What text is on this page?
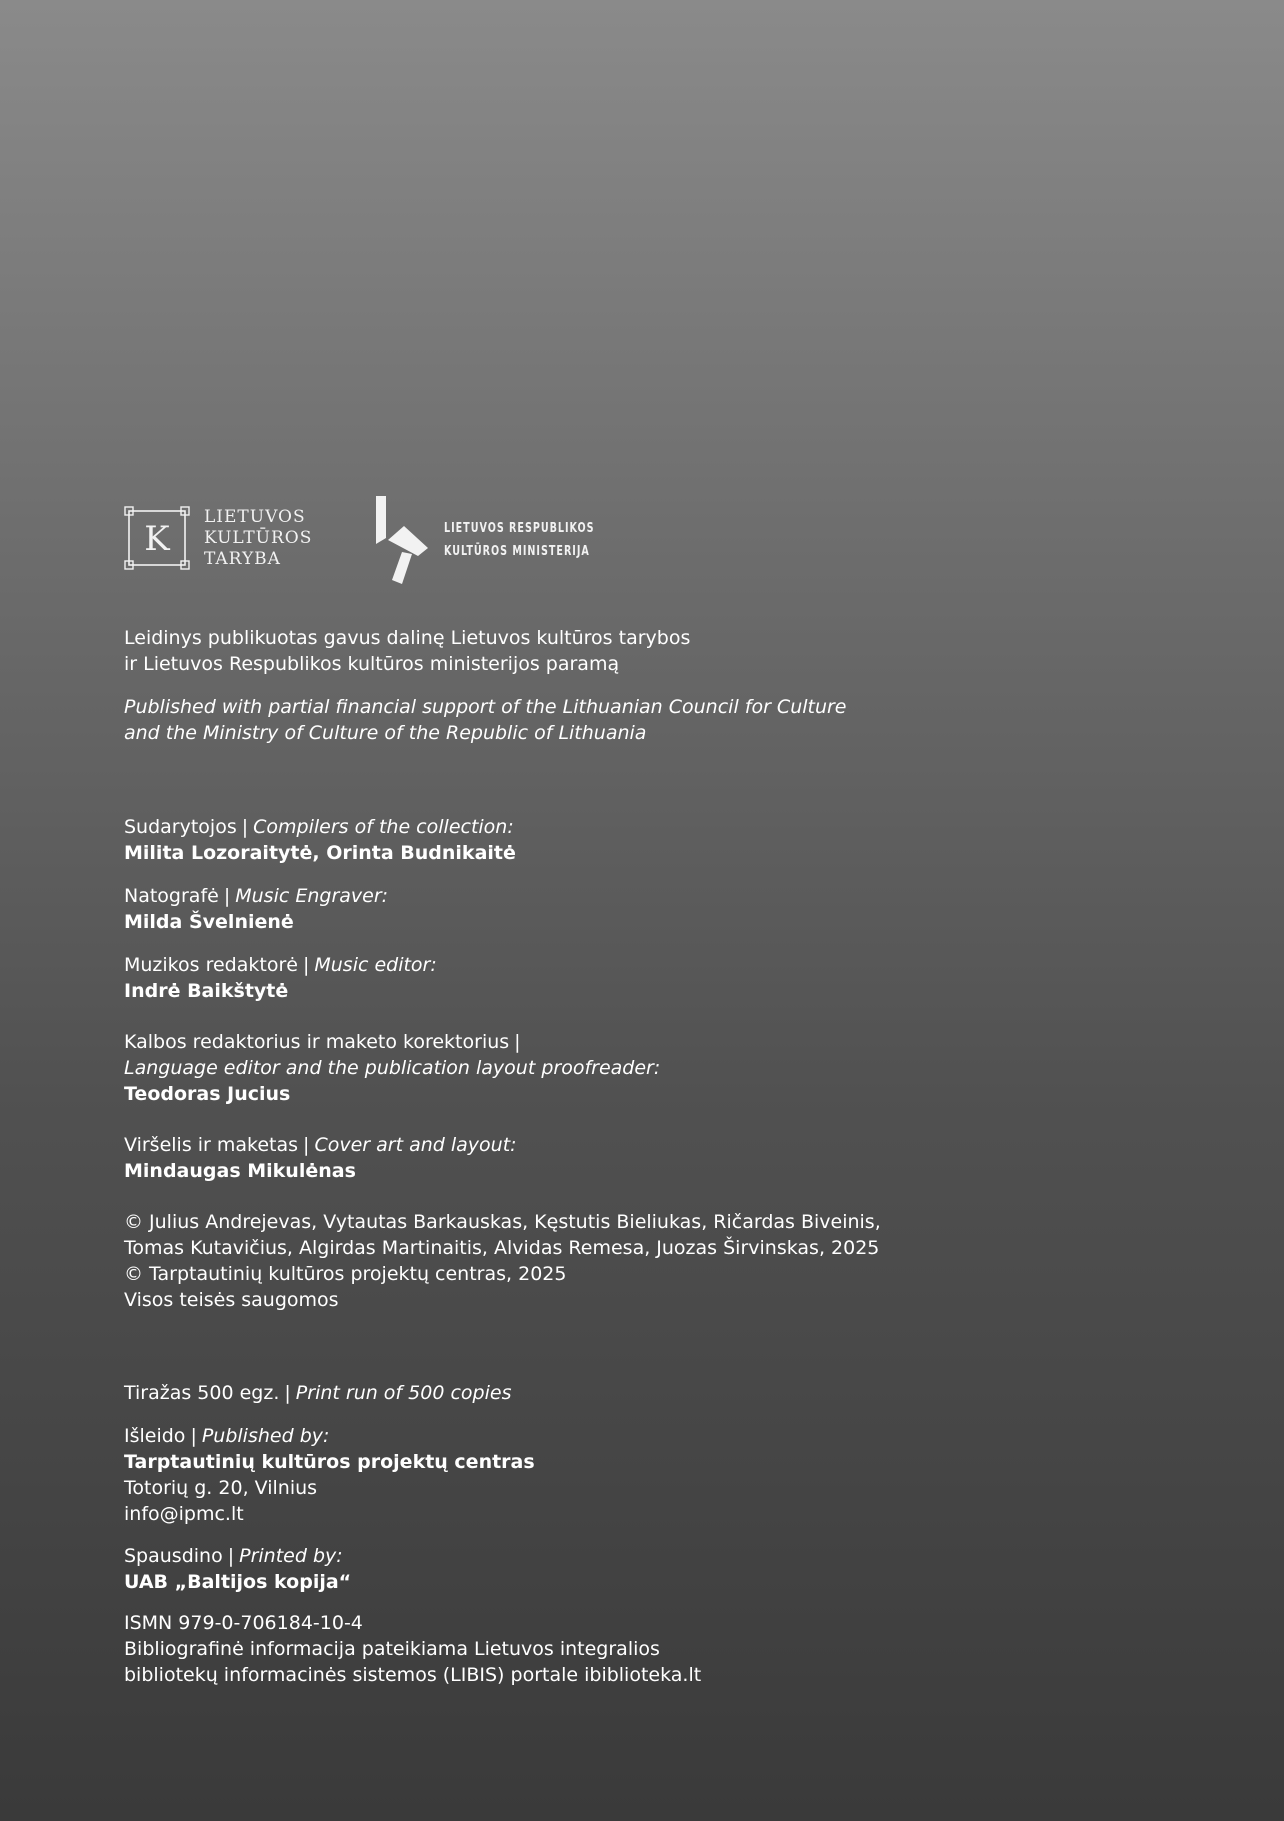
K
LIETUVOS
KULTŪROS
TARYBA
LIETUVOS RESPUBLIKOS
KULTŪROS MINISTERIJA
Leidinys publikuotas gavus dalinę Lietuvos kultūros tarybos
ir Lietuvos Respublikos kultūros ministerijos paramą
Published with partial financial support of the Lithuanian Council for Culture
and the Ministry of Culture of the Republic of Lithuania
Sudarytojos | Compilers of the collection:
Milita Lozoraitytė, Orinta Budnikaitė
Natografė | Music Engraver:
Milda Švelnienė
Muzikos redaktorė | Music editor:
Indrė Baikštytė
Kalbos redaktorius ir maketo korektorius |
Language editor and the publication layout proofreader:
Teodoras Jucius
Viršelis ir maketas | Cover art and layout:
Mindaugas Mikulėnas
© Julius Andrejevas, Vytautas Barkauskas, Kęstutis Bieliukas, Ričardas Biveinis,
Tomas Kutavičius, Algirdas Martinaitis, Alvidas Remesa, Juozas Širvinskas, 2025
© Tarptautinių kultūros projektų centras, 2025
Visos teisės saugomos
Tiražas 500 egz. | Print run of 500 copies
Išleido | Published by:
Tarptautinių kultūros projektų centras
Totorių g. 20, Vilnius
info@ipmc.lt
Spausdino | Printed by:
UAB „Baltijos kopija“
ISMN 979-0-706184-10-4
Bibliografinė informacija pateikiama Lietuvos integralios
bibliotekų informacinės sistemos (LIBIS) portale ibiblioteka.lt
